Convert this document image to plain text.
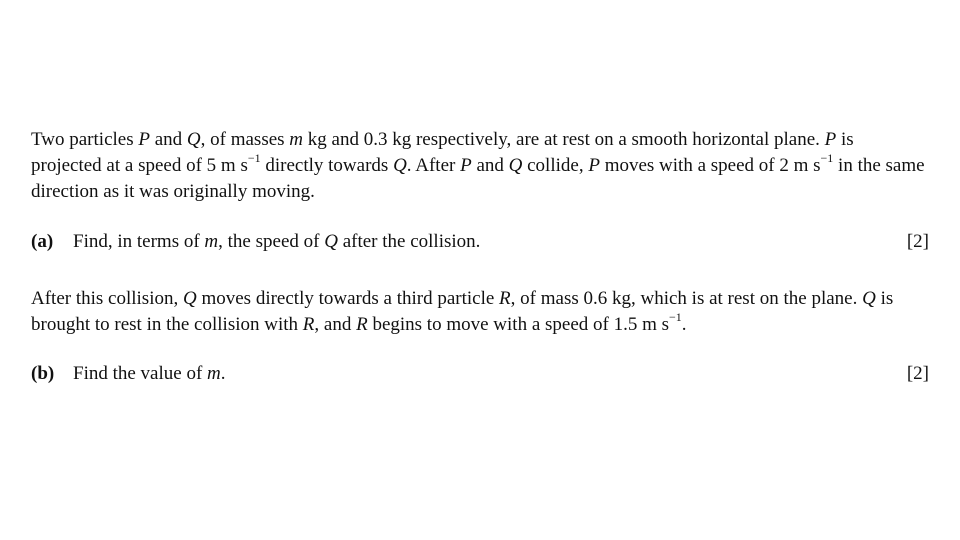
Two particles P and Q, of masses m kg and 0.3 kg respectively, are at rest on a smooth horizontal plane. P is projected at a speed of 5 m $s^{-1}$ directly towards Q. After P and Q collide, P moves with a speed of 2 m $s^{-1}$ in the same direction as it was originally moving.

(a) Find, in terms of m, the speed of Q after the collision.	[2]

After this collision, Q moves directly towards a third particle R, of mass 0.6 kg, which is at rest on the plane. Q is brought to rest in the collision with R, and R begins to move with a speed of 1.5 m $s^{-1}$.

(b) Find the value of m.	[2]
